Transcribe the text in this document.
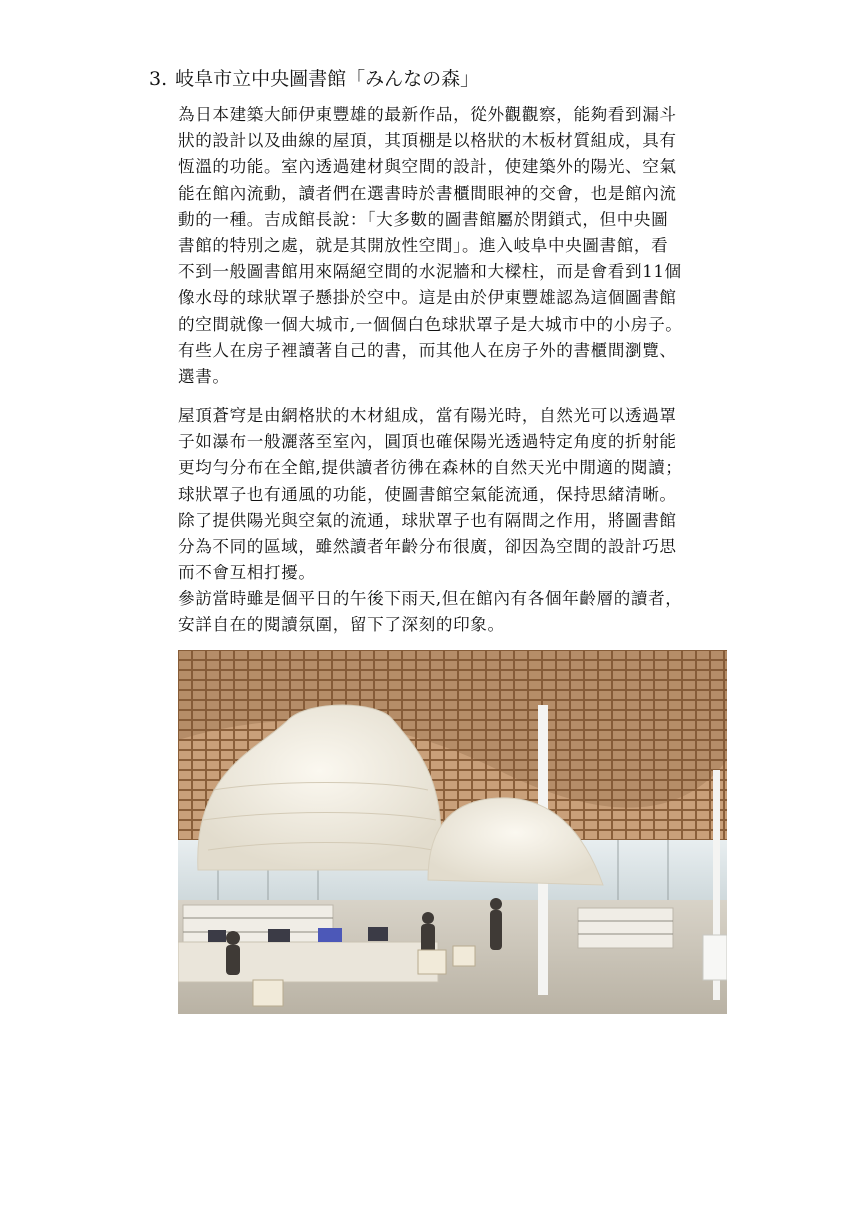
3. 岐阜市立中央圖書館「みんなの森」
為日本建築大師伊東豐雄的最新作品，從外觀觀察，能夠看到漏斗
狀的設計以及曲線的屋頂，其頂棚是以格狀的木板材質組成，具有
恆溫的功能。室內透過建材與空間的設計，使建築外的陽光、空氣
能在館內流動，讀者們在選書時於書櫃間眼神的交會，也是館內流
動的一種。吉成館長說：「大多數的圖書館屬於閉鎖式，但中央圖
書館的特別之處，就是其開放性空間」。進入岐阜中央圖書館，看
不到一般圖書館用來隔絕空間的水泥牆和大樑柱，而是會看到11個
像水母的球狀罩子懸掛於空中。這是由於伊東豐雄認為這個圖書館
的空間就像一個大城市,一個個白色球狀罩子是大城市中的小房子。
有些人在房子裡讀著自己的書，而其他人在房子外的書櫃間瀏覽、
選書。
屋頂蒼穹是由網格狀的木材組成，當有陽光時，自然光可以透過罩
子如瀑布一般灑落至室內，圓頂也確保陽光透過特定角度的折射能
更均勻分布在全館,提供讀者彷彿在森林的自然天光中閒適的閱讀；
球狀罩子也有通風的功能，使圖書館空氣能流通，保持思緒清晰。
除了提供陽光與空氣的流通，球狀罩子也有隔間之作用，將圖書館
分為不同的區域，雖然讀者年齡分布很廣，卻因為空間的設計巧思
而不會互相打擾。
參訪當時雖是個平日的午後下雨天,但在館內有各個年齡層的讀者，
安詳自在的閱讀氛圍，留下了深刻的印象。
